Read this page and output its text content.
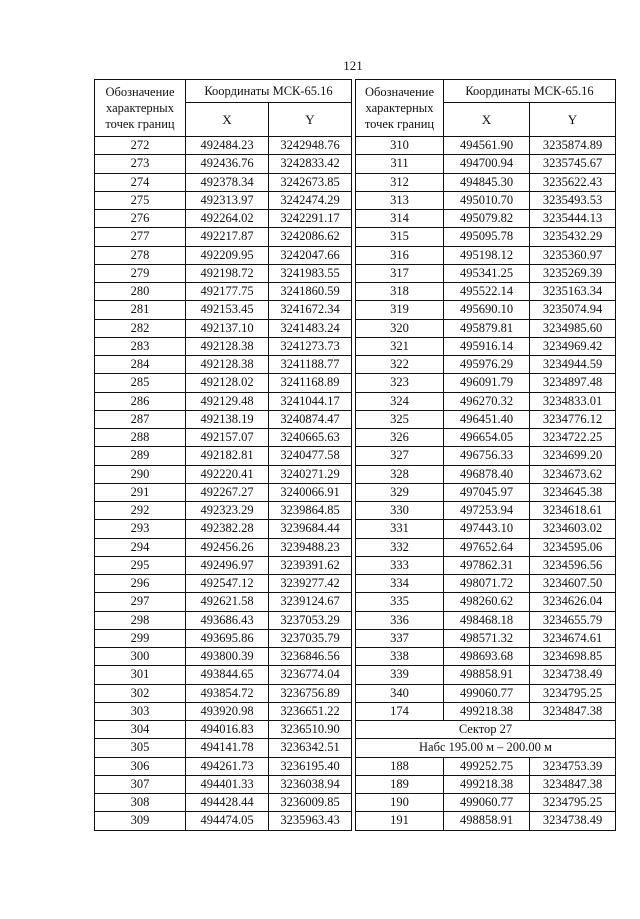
121
Обозначение характерных точек границ	Координаты МСК-65.16	
	X	Y
272	492484.23	3242948.76
273	492436.76	3242833.42
274	492378.34	3242673.85
275	492313.97	3242474.29
276	492264.02	3242291.17
277	492217.87	3242086.62
278	492209.95	3242047.66
279	492198.72	3241983.55
280	492177.75	3241860.59
281	492153.45	3241672.34
282	492137.10	3241483.24
283	492128.38	3241273.73
284	492128.38	3241188.77
285	492128.02	3241168.89
286	492129.48	3241044.17
287	492138.19	3240874.47
288	492157.07	3240665.63
289	492182.81	3240477.58
290	492220.41	3240271.29
291	492267.27	3240066.91
292	492323.29	3239864.85
293	492382.28	3239684.44
294	492456.26	3239488.23
295	492496.97	3239391.62
296	492547.12	3239277.42
297	492621.58	3239124.67
298	493686.43	3237053.29
299	493695.86	3237035.79
300	493800.39	3236846.56
301	493844.65	3236774.04
302	493854.72	3236756.89
303	493920.98	3236651.22
304	494016.83	3236510.90
305	494141.78	3236342.51
306	494261.73	3236195.40
307	494401.33	3236038.94
308	494428.44	3236009.85
309	494474.05	3235963.43
Обозначение характерных точек границ	Координаты МСК-65.16	
	X	Y
310	494561.90	3235874.89
311	494700.94	3235745.67
312	494845.30	3235622.43
313	495010.70	3235493.53
314	495079.82	3235444.13
315	495095.78	3235432.29
316	495198.12	3235360.97
317	495341.25	3235269.39
318	495522.14	3235163.34
319	495690.10	3235074.94
320	495879.81	3234985.60
321	495916.14	3234969.42
322	495976.29	3234944.59
323	496091.79	3234897.48
324	496270.32	3234833.01
325	496451.40	3234776.12
326	496654.05	3234722.25
327	496756.33	3234699.20
328	496878.40	3234673.62
329	497045.97	3234645.38
330	497253.94	3234618.61
331	497443.10	3234603.02
332	497652.64	3234595.06
333	497862.31	3234596.56
334	498071.72	3234607.50
335	498260.62	3234626.04
336	498468.18	3234655.79
337	498571.32	3234674.61
338	498693.68	3234698.85
339	498858.91	3234738.49
340	499060.77	3234795.25
174	499218.38	3234847.38
Сектор 27		
Набс 195.00 м – 200.00 м		
188	499252.75	3234753.39
189	499218.38	3234847.38
190	499060.77	3234795.25
191	498858.91	3234738.49
